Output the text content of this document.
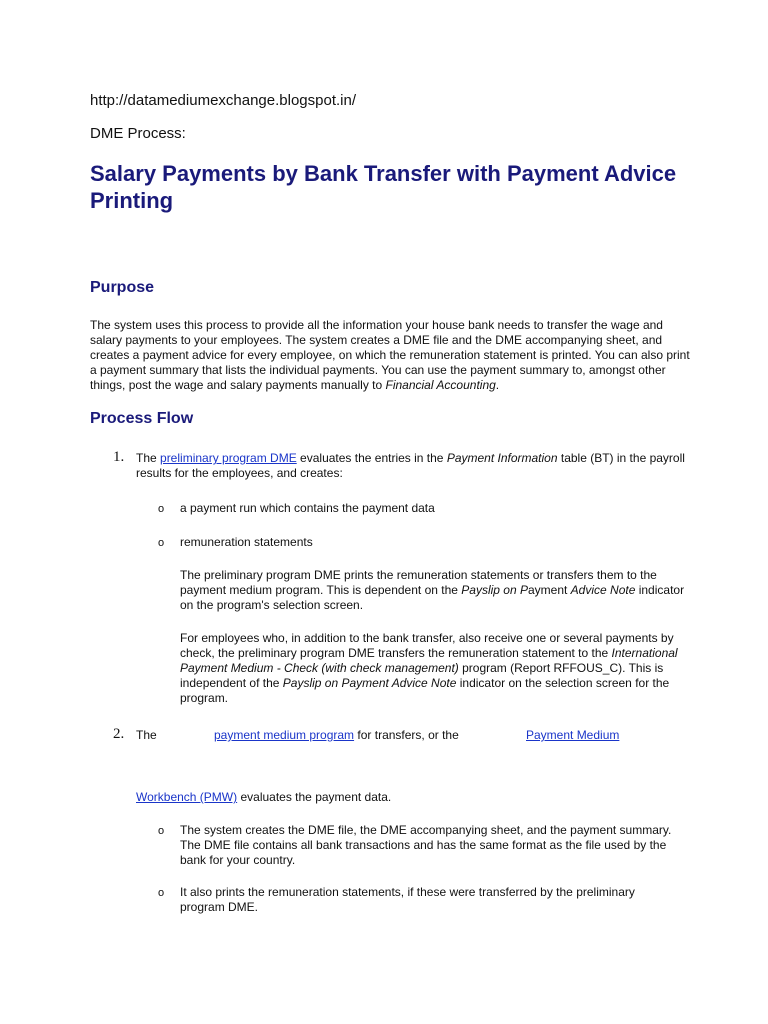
http://datamediumexchange.blogspot.in/
DME Process:
Salary Payments by Bank Transfer with Payment Advice Printing
Purpose

The system uses this process to provide all the information your house bank needs to transfer the wage and salary payments to your employees. The system creates a DME file and the DME accompanying sheet, and creates a payment advice for every employee, on which the remuneration statement is printed. You can also print a payment summary that lists the individual payments. You can use the payment summary to, amongst other things, post the wage and salary payments manually to Financial Accounting.

Process Flow
1. The preliminary program DME evaluates the entries in the Payment Information table (BT) in the payroll results for the employees, and creates:

o a payment run which contains the payment data

o remuneration statements

The preliminary program DME prints the remuneration statements or transfers them to the payment medium program. This is dependent on the Payslip on Payment Advice Note indicator on the program's selection screen.

For employees who, in addition to the bank transfer, also receive one or several payments by check, the preliminary program DME transfers the remuneration statement to the International Payment Medium - Check (with check management) program (Report RFFOUS_C). This is independent of the Payslip on Payment Advice Note indicator on the selection screen for the program.

2. The	payment medium program for transfers, or the	Payment Medium
Workbench (PMW) evaluates the payment data.
o The system creates the DME file, the DME accompanying sheet, and the payment summary. The DME file contains all bank transactions and has the same format as the file used by the bank for your country.

o It also prints the remuneration statements, if these were transferred by the preliminary program DME.
